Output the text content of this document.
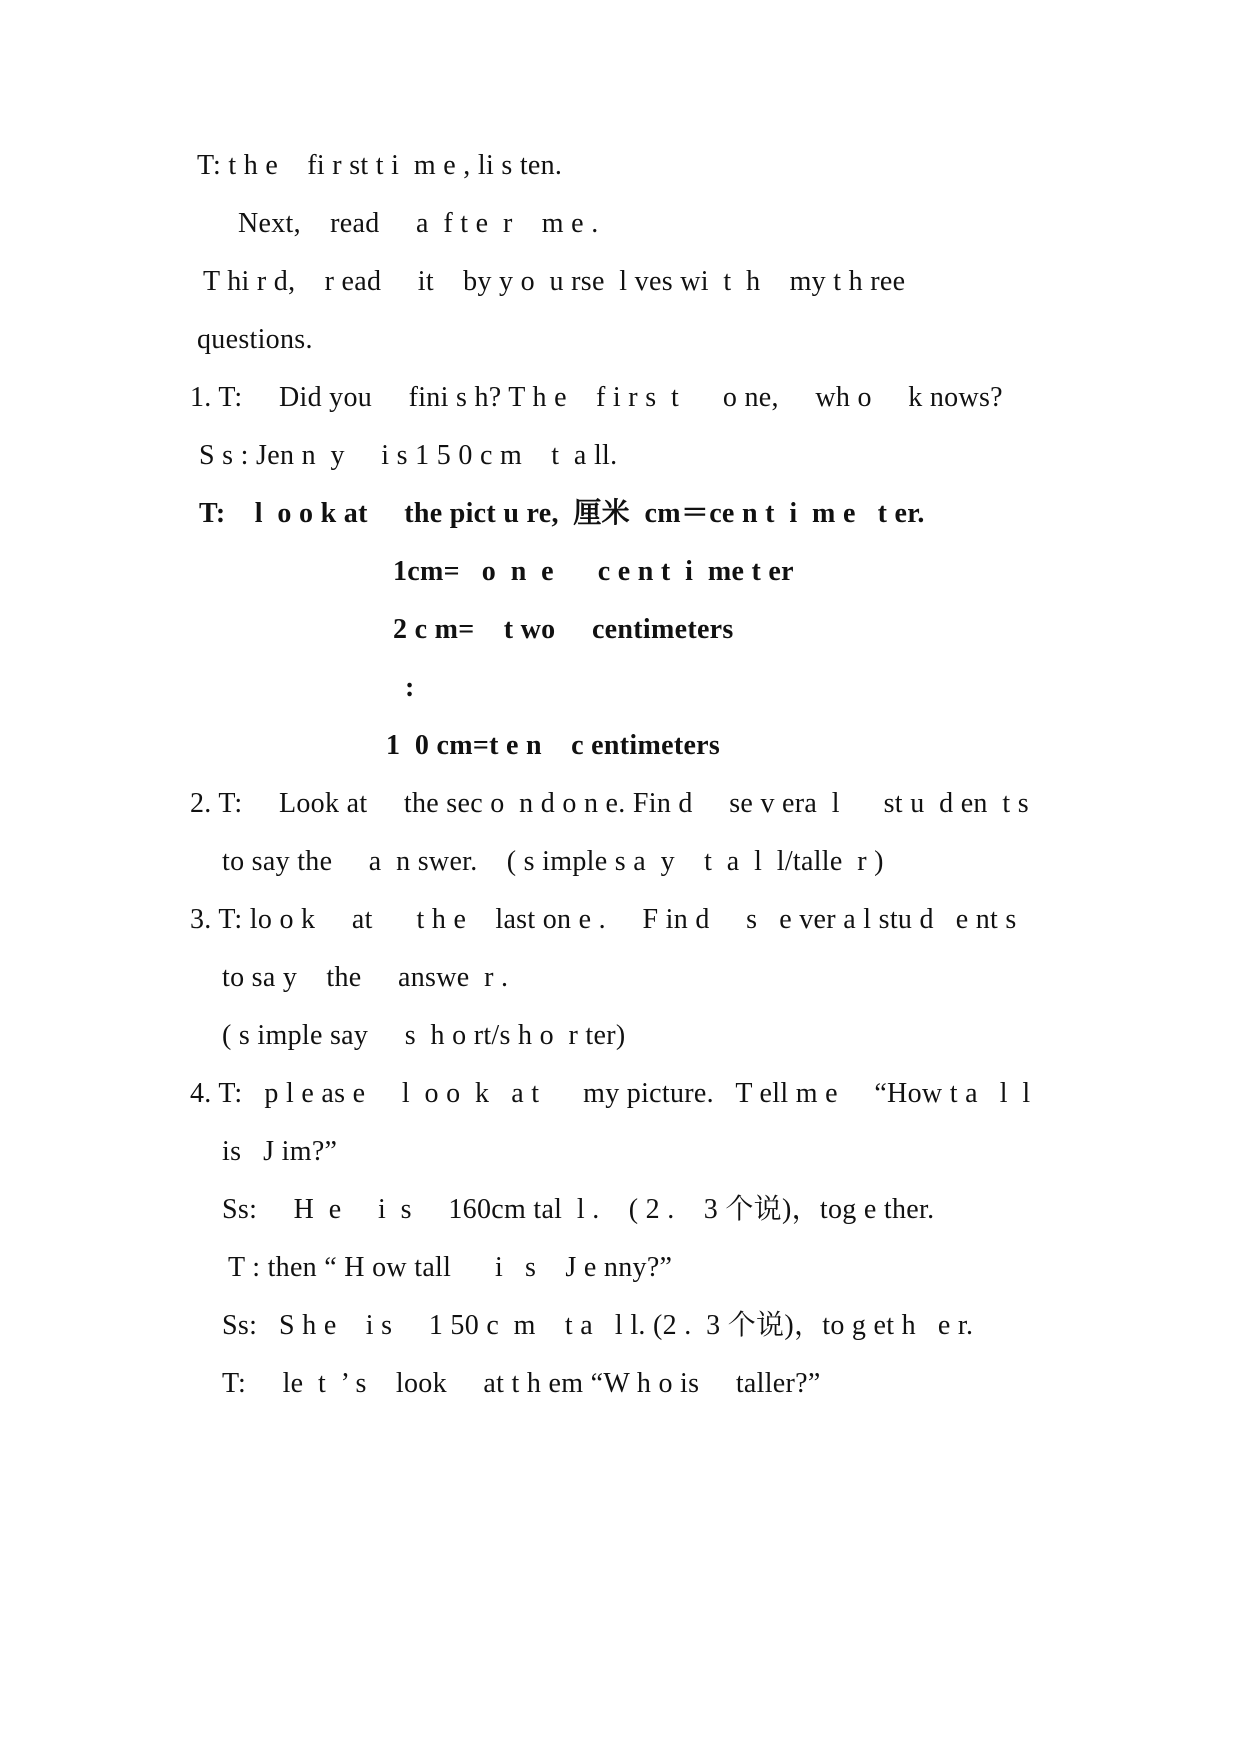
T: t h e    fi r st t i  m e , li s ten.
Next,    read     a  f t e  r    m e .
T hi r d,    r ead     it    by y o  u rse  l ves wi  t  h    my t h ree
questions.
1. T:     Did you     fini s h? T h e    f i r s  t      o ne,     wh o     k nows?
S s : Jen n  y     i s 1 5 0 c m    t  a ll.
T:    l  o o k at     the pict u re,  厘米  cm＝ce n t  i  m e   t er.
1cm=   o  n  e      c e n t  i  me t er
2 c m=    t wo     centimeters
:
1  0 cm=t e n    c entimeters
2. T:     Look at     the sec o  n d o n e. Fin d     se v era  l      st u  d en  t s
to say the     a  n swer.    ( s imple s a  y    t  a  l  l/talle  r )
3. T: lo o k     at      t h e    last on e .     F in d     s   e ver a l stu d   e nt s
to sa y    the     answe  r .
( s imple say     s  h o rt/s h o  r ter)
4. T:   p l e as e     l  o o  k   a t      my picture.   T ell m e     “How t a   l  l
is   J im?”
Ss:     H  e     i  s     160cm tal  l .    ( 2 .    3 个说)，tog e ther.
T : then “ H ow tall      i   s    J e nny?”
Ss:   S h e    i s     1 50 c  m    t a   l l. (2 .  3 个说)，to g et h   e r.
T:     le  t  ’ s    look     at t h em “W h o is     taller?”
